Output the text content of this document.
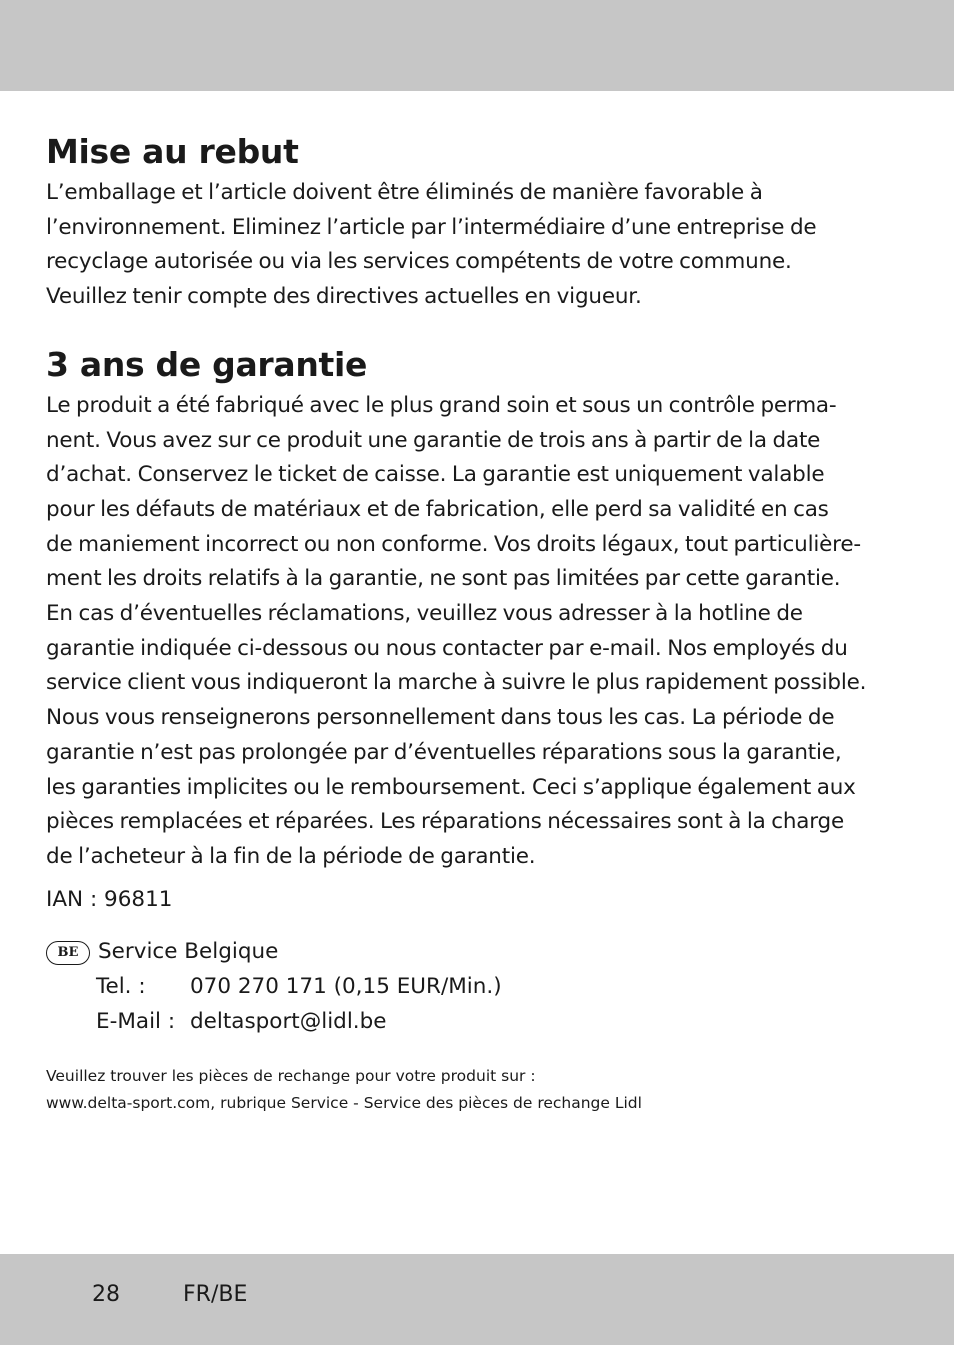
Mise au rebut

L’emballage et l’article doivent être éliminés de manière favorable à
l’environnement. Eliminez l’article par l’intermédiaire d’une entreprise de
recyclage autorisée ou via les services compétents de votre commune.
Veuillez tenir compte des directives actuelles en vigueur.

3 ans de garantie

Le produit a été fabriqué avec le plus grand soin et sous un contrôle perma-
nent. Vous avez sur ce produit une garantie de trois ans à partir de la date
d’achat. Conservez le ticket de caisse. La garantie est uniquement valable
pour les défauts de matériaux et de fabrication, elle perd sa validité en cas
de maniement incorrect ou non conforme. Vos droits légaux, tout particulière-
ment les droits relatifs à la garantie, ne sont pas limitées par cette garantie.
En cas d’éventuelles réclamations, veuillez vous adresser à la hotline de
garantie indiquée ci-dessous ou nous contacter par e-mail. Nos employés du
service client vous indiqueront la marche à suivre le plus rapidement possible.
Nous vous renseignerons personnellement dans tous les cas. La période de
garantie n’est pas prolongée par d’éventuelles réparations sous la garantie,
les garanties implicites ou le remboursement. Ceci s’applique également aux
pièces remplacées et réparées. Les réparations nécessaires sont à la charge
de l’acheteur à la fin de la période de garantie.

IAN : 96811
BE Service Belgique
Tel. :	070 270 171 (0,15 EUR/Min.)
E-Mail : deltasport@lidl.be
Veuillez trouver les pièces de rechange pour votre produit sur :
www.delta-sport.com, rubrique Service - Service des pièces de rechange Lidl
28	FR/BE
